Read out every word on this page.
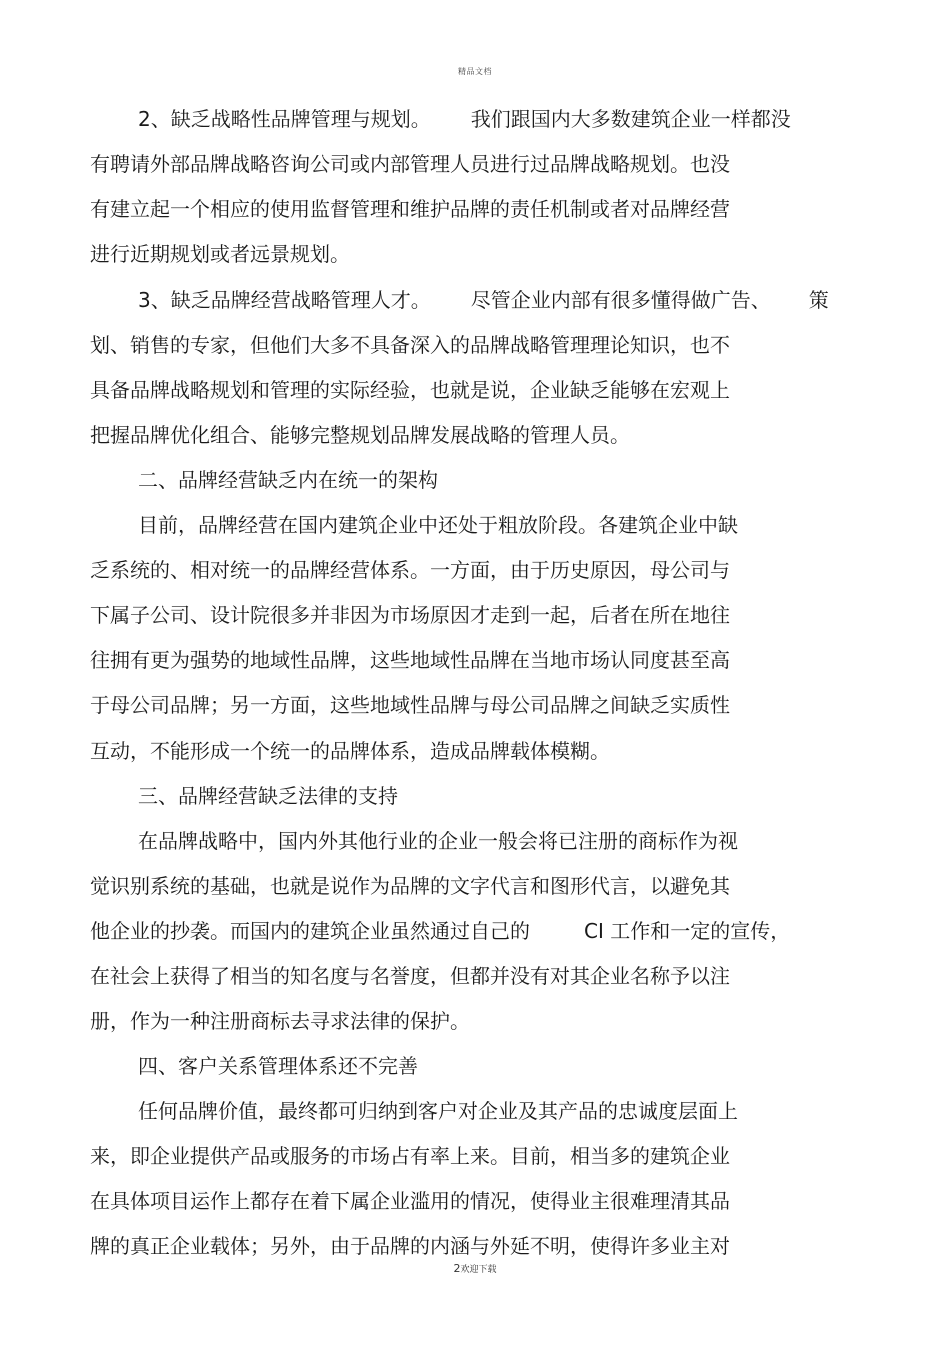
精品文档
2、缺乏战略性品牌管理与规划。 我们跟国内大多数建筑企业一样都没
有聘请外部品牌战略咨询公司或内部管理人员进行过品牌战略规划。也没
有建立起一个相应的使用监督管理和维护品牌的责任机制或者对品牌经营
进行近期规划或者远景规划。
3、缺乏品牌经营战略管理人才。 尽管企业内部有很多懂得做广告、 策
划、销售的专家，但他们大多不具备深入的品牌战略管理理论知识，也不
具备品牌战略规划和管理的实际经验，也就是说，企业缺乏能够在宏观上
把握品牌优化组合、能够完整规划品牌发展战略的管理人员。
二、品牌经营缺乏内在统一的架构
目前，品牌经营在国内建筑企业中还处于粗放阶段。各建筑企业中缺
乏系统的、相对统一的品牌经营体系。一方面，由于历史原因，母公司与
下属子公司、设计院很多并非因为市场原因才走到一起，后者在所在地往
往拥有更为强势的地域性品牌，这些地域性品牌在当地市场认同度甚至高
于母公司品牌；另一方面，这些地域性品牌与母公司品牌之间缺乏实质性
互动，不能形成一个统一的品牌体系，造成品牌载体模糊。
三、品牌经营缺乏法律的支持
在品牌战略中，国内外其他行业的企业一般会将已注册的商标作为视
觉识别系统的基础，也就是说作为品牌的文字代言和图形代言，以避免其
他企业的抄袭。而国内的建筑企业虽然通过自己的	CI 工作和一定的宣传，
在社会上获得了相当的知名度与名誉度，但都并没有对其企业名称予以注
册，作为一种注册商标去寻求法律的保护。
四、客户关系管理体系还不完善
任何品牌价值，最终都可归纳到客户对企业及其产品的忠诚度层面上
来，即企业提供产品或服务的市场占有率上来。目前，相当多的建筑企业
在具体项目运作上都存在着下属企业滥用的情况，使得业主很难理清其品
牌的真正企业载体；另外，由于品牌的内涵与外延不明，使得许多业主对
2欢迎下载
